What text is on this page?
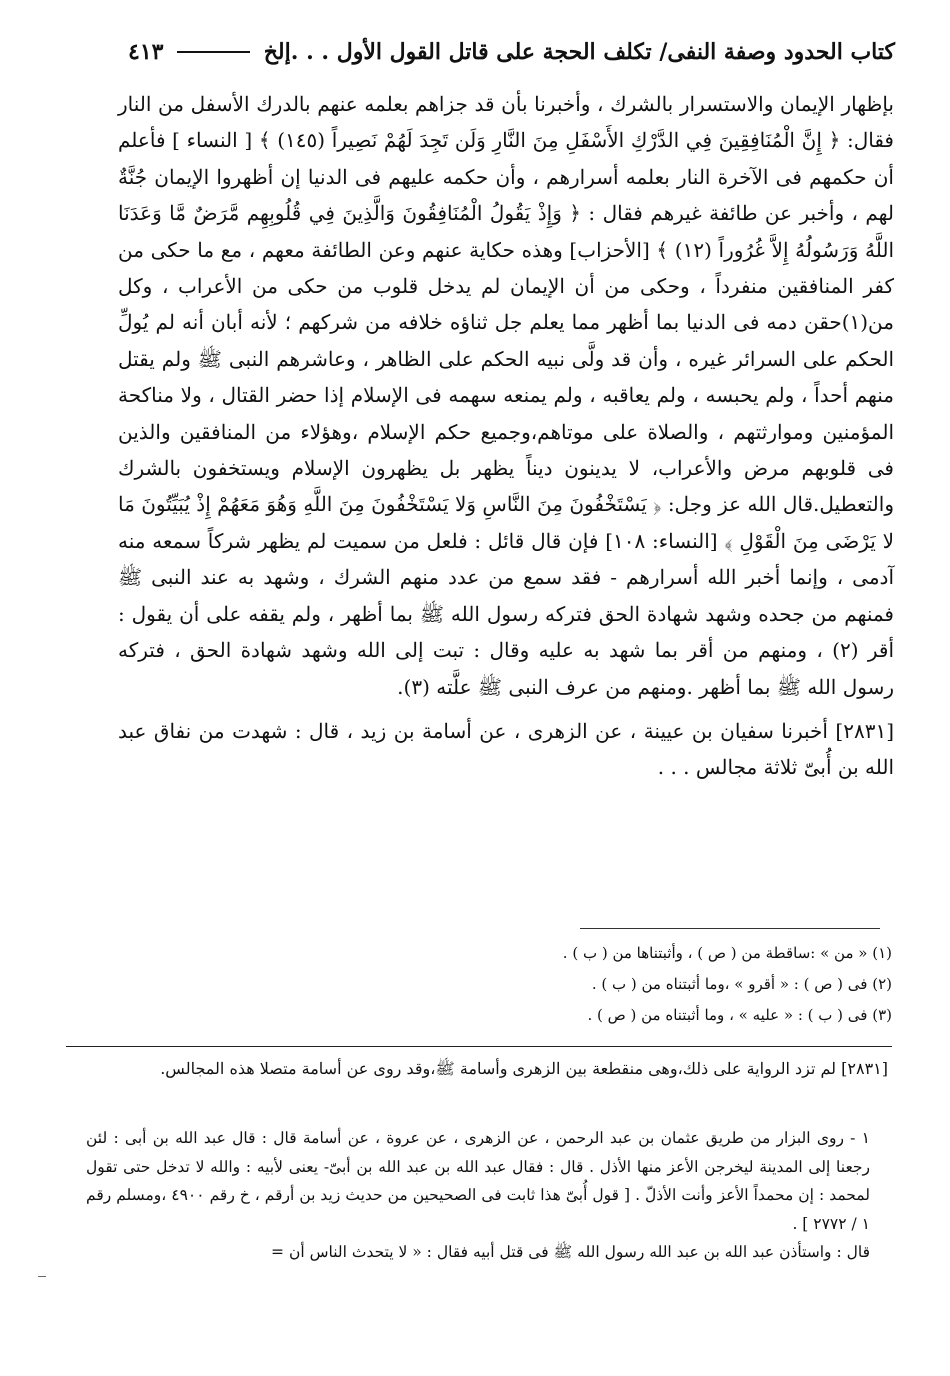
كتاب الحدود وصفة النفى/ تكلف الحجة على قاتل القول الأول . . .إلخ
٤١٣

بإظهار الإيمان والاستسرار بالشرك ، وأخبرنا بأن قد جزاهم بعلمه عنهم بالدرك الأسفل من النار فقال: ﴿ إِنَّ الْمُنَافِقِينَ فِي الدَّرْكِ الأَسْفَلِ مِنَ النَّارِ وَلَن تَجِدَ لَهُمْ نَصِيراً (١٤٥) ﴾ [ النساء ] فأعلم أن حكمهم فى الآخرة النار بعلمه أسرارهم ، وأن حكمه عليهم فى الدنيا إن أظهروا الإيمان جُنَّةٌ لهم ، وأخبر عن طائفة غيرهم فقال : ﴿ وَإِذْ يَقُولُ الْمُنَافِقُونَ وَالَّذِينَ فِي قُلُوبِهِم مَّرَضٌ مَّا وَعَدَنَا اللَّهُ وَرَسُولُهُ إِلاَّ غُرُوراً (١٢) ﴾ [الأحزاب] وهذه حكاية عنهم وعن الطائفة معهم ، مع ما حكى من كفر المنافقين منفرداً ، وحكى من أن الإيمان لم يدخل قلوب من حكى من الأعراب ، وكل من(١)حقن دمه فى الدنيا بما أظهر مما يعلم جل ثناؤه خلافه من شركهم ؛ لأنه أبان أنه لم يُولِّ الحكم على السرائر غيره ، وأن قد ولَّى نبيه الحكم على الظاهر ، وعاشرهم النبى ﷺ ولم يقتل منهم أحداً ، ولم يحبسه ، ولم يعاقبه ، ولم يمنعه سهمه فى الإسلام إذا حضر القتال ، ولا مناكحة المؤمنين وموارثتهم ، والصلاة على موتاهم،وجميع حكم الإسلام ،وهؤلاء من المنافقين والذين فى قلوبهم مرض والأعراب، لا يدينون ديناً يظهر بل يظهرون الإسلام ويستخفون بالشرك والتعطيل.قال الله عز وجل: ﴿ يَسْتَخْفُونَ مِنَ النَّاسِ وَلا يَسْتَخْفُونَ مِنَ اللَّهِ وَهُوَ مَعَهُمْ إِذْ يُبَيِّتُونَ مَا لا يَرْضَى مِنَ الْقَوْلِ ﴾ [النساء: ١٠٨] فإن قال قائل : فلعل من سميت لم يظهر شركاً سمعه منه آدمى ، وإنما أخبر الله أسرارهم - فقد سمع من عدد منهم الشرك ، وشهد به عند النبى ﷺ فمنهم من جحده وشهد شهادة الحق فتركه رسول الله ﷺ بما أظهر ، ولم يقفه على أن يقول : أقر (٢) ، ومنهم من أقر بما شهد به عليه وقال : تبت إلى الله وشهد شهادة الحق ، فتركه رسول الله ﷺ بما أظهر .ومنهم من عرف النبى ﷺ علَّته (٣).

[٢٨٣١] أخبرنا سفيان بن عيينة ، عن الزهرى ، عن أسامة بن زيد ، قال : شهدت من نفاق عبد الله بن أُبىّ ثلاثة مجالس . . .

(١) « من » :ساقطة من ( ص ) ، وأثبتناها من ( ب ) .
(٢) فى ( ص ) : « أقرو » ،وما أثبتناه من ( ب ) .
(٣) فى ( ب ) : « عليه » ، وما أثبتناه من ( ص ) .
[٢٨٣١] لم تزد الرواية على ذلك،وهى منقطعة بين الزهرى وأسامة ﷺ،وقد روى عن أسامة متصلا هذه المجالس.

١ - روى البزار من طريق عثمان بن عبد الرحمن ، عن الزهرى ، عن عروة ، عن أسامة قال : قال عبد الله بن أبى : لئن رجعنا إلى المدينة ليخرجن الأعز منها الأذل . قال : فقال عبد الله بن عبد الله بن أبىّ- يعنى لأبيه : والله لا تدخل حتى تقول لمحمد : إن محمداً الأعز وأنت الأذلّ . [ قول أُبىّ هذا ثابت فى الصحيحين من حديث زيد بن أرقم ، خ رقم ٤٩٠٠ ،ومسلم رقم ١ / ٢٧٧٢ ] .

قال : واستأذن عبد الله بن عبد الله رسول الله ﷺ فى قتل أبيه فقال : « لا يتحدث الناس أن =
